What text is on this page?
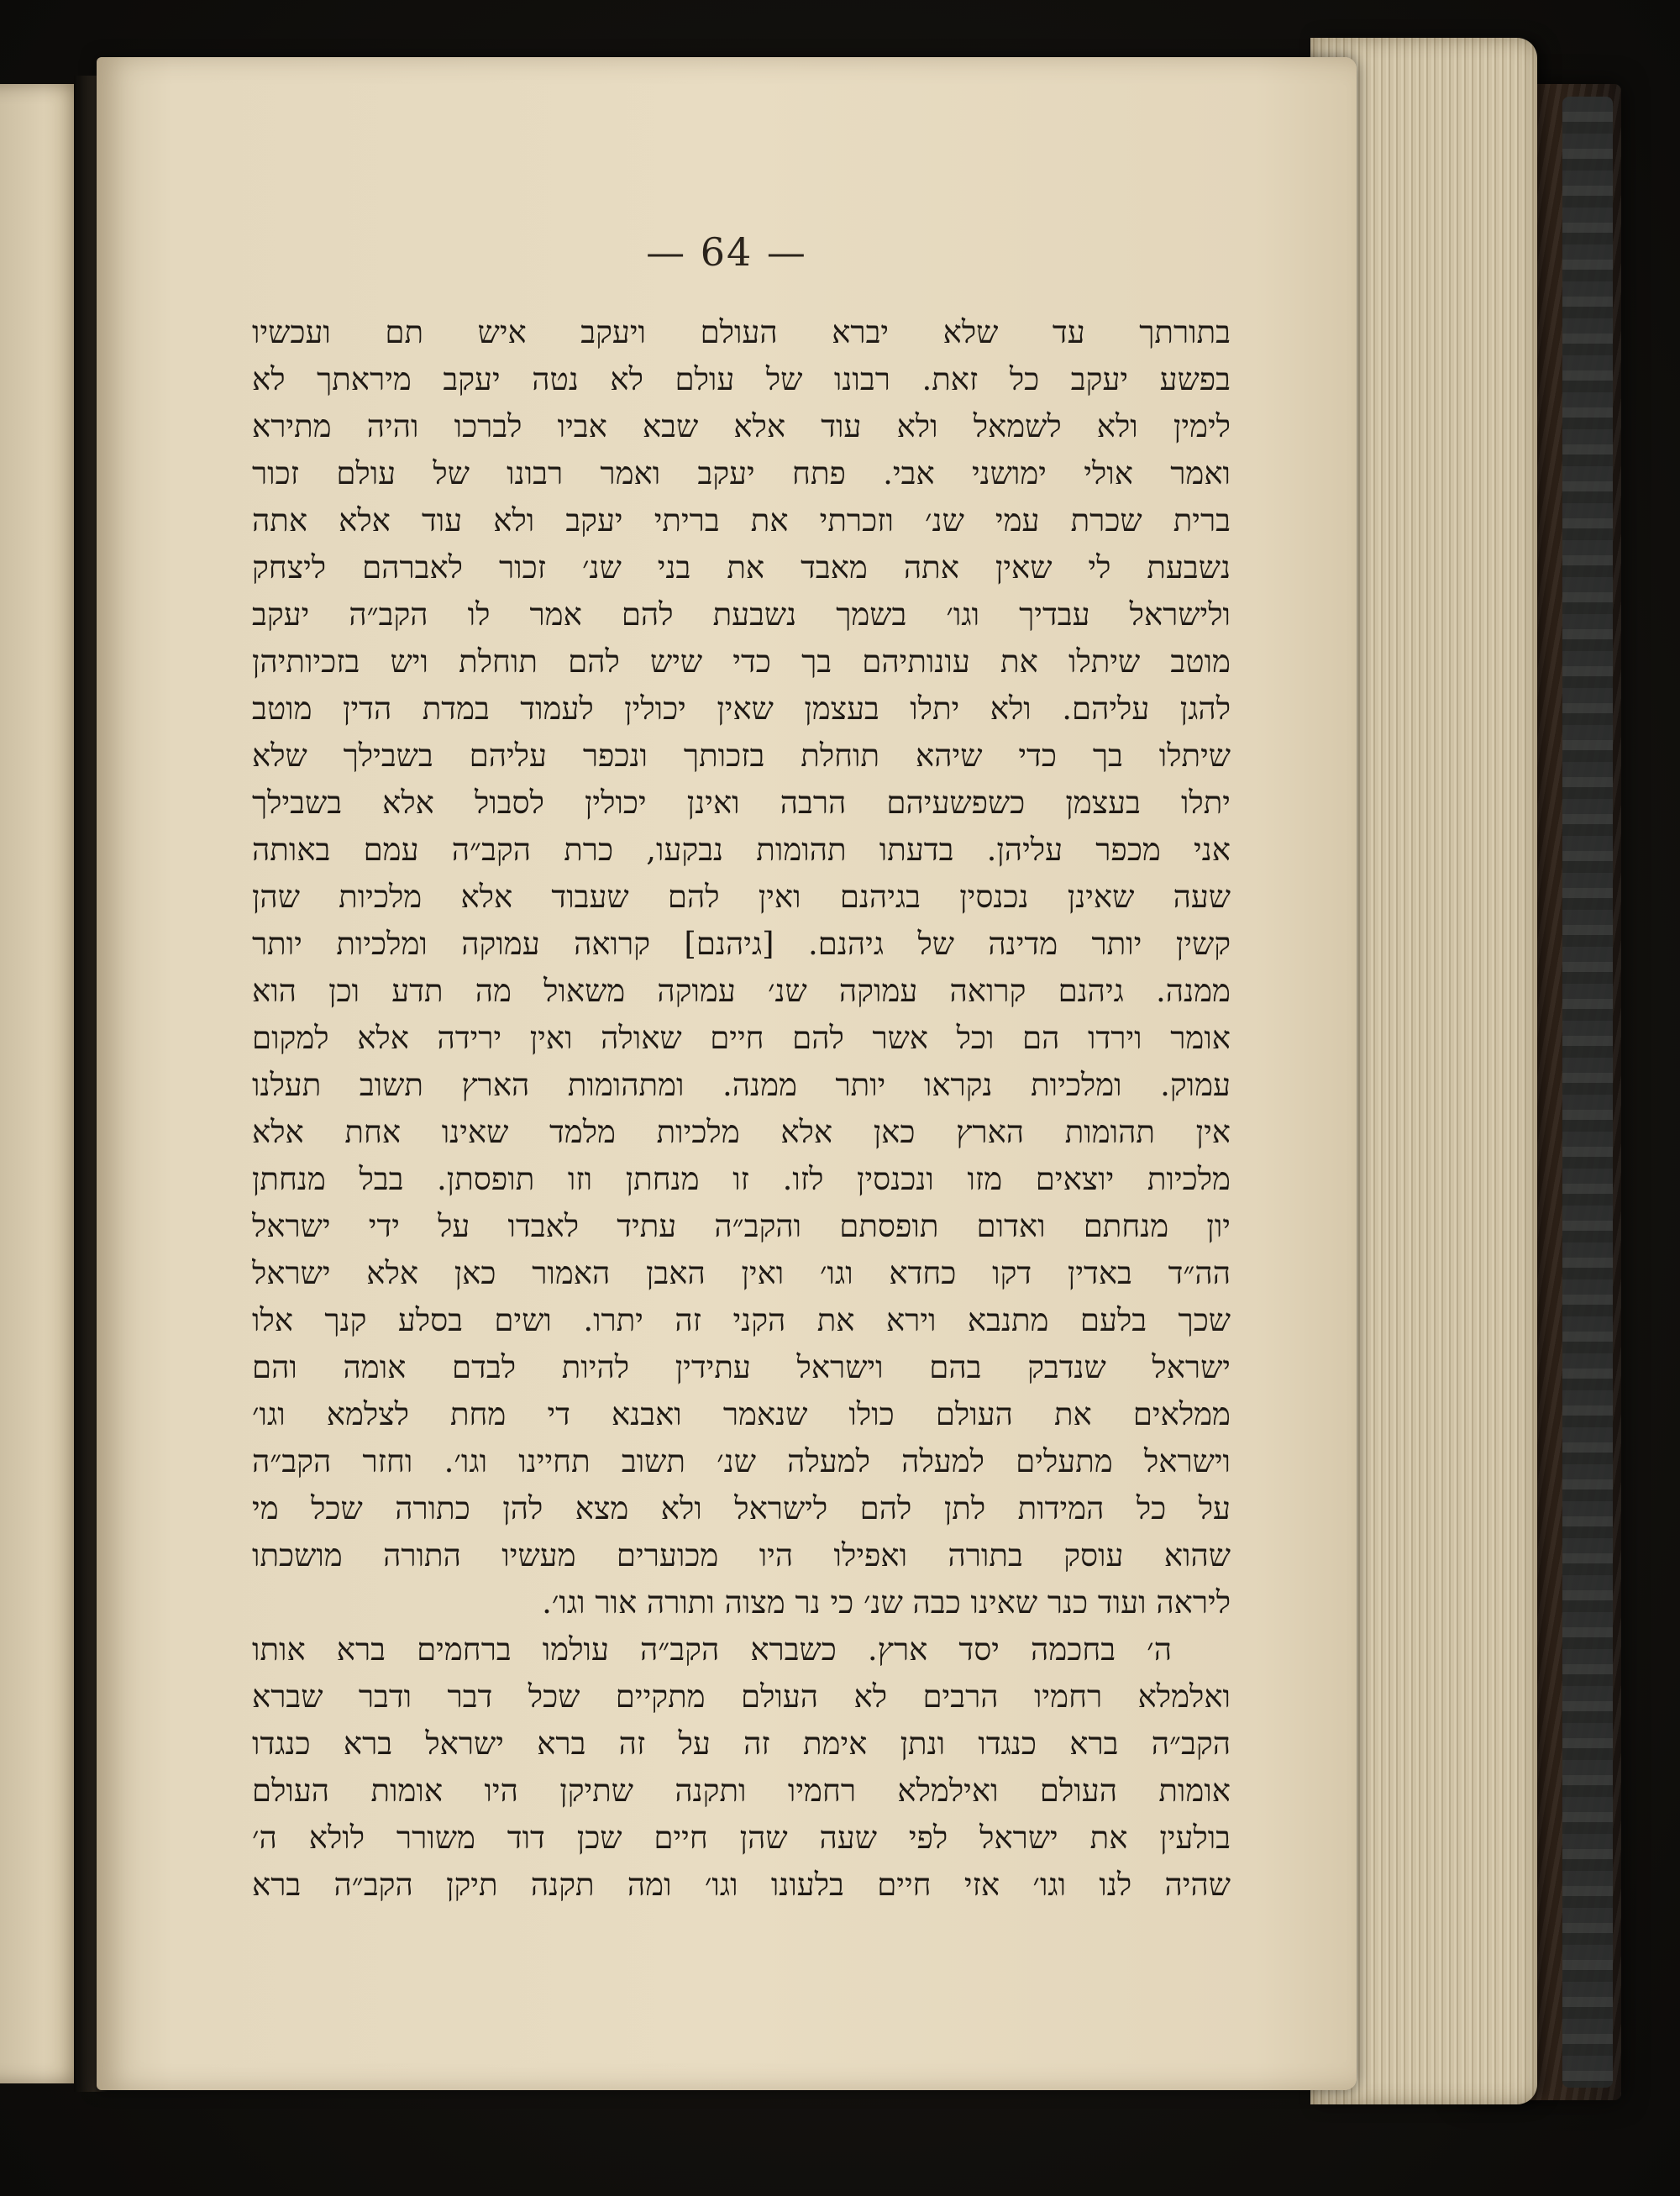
— 64 —
בתורתך עד שלא יברא העולם ויעקב איש תם ועכשיו
בפשע יעקב כל זאת. רבונו של עולם לא נטה יעקב מיראתך לא
לימין ולא לשמאל ולא עוד אלא שבא אביו לברכו והיה מתירא
ואמר אולי ימושני אבי. פתח יעקב ואמר רבונו של עולם זכור
ברית שכרת עמי שנ׳ וזכרתי את בריתי יעקב ולא עוד אלא אתה
נשבעת לי שאין אתה מאבד את בני שנ׳ זכור לאברהם ליצחק
ולישראל עבדיך וגו׳ בשמך נשבעת להם אמר לו הקב״ה יעקב
מוטב שיתלו את עונותיהם בך כדי שיש להם תוחלת ויש בזכיותיהן
להגן עליהם. ולא יתלו בעצמן שאין יכולין לעמוד במדת הדין מוטב
שיתלו בך כדי שיהא תוחלת בזכותך ונכפר עליהם בשבילך שלא
יתלו בעצמן כשפשעיהם הרבה ואינן יכולין לסבול אלא בשבילך
אני מכפר עליהן. בדעתו תהומות נבקעו, כרת הקב״ה עמם באותה
שעה שאינן נכנסין בגיהנם ואין להם שעבוד אלא מלכיות שהן
קשין יותר מדינה של גיהנם. [גיהנם] קרואה עמוקה ומלכיות יותר
ממנה. גיהנם קרואה עמוקה שנ׳ עמוקה משאול מה תדע וכן הוא
אומר וירדו הם וכל אשר להם חיים שאולה ואין ירידה אלא למקום
עמוק. ומלכיות נקראו יותר ממנה. ומתהומות הארץ תשוב תעלנו
אין תהומות הארץ כאן אלא מלכיות מלמד שאינו אחת אלא
מלכיות יוצאים מזו ונכנסין לזו. זו מנחתן וזו תופסתן. בבל מנחתן
יון מנחתם ואדום תופסתם והקב״ה עתיד לאבדו על ידי ישראל
הה״ד באדין דקו כחדא וגו׳ ואין האבן האמור כאן אלא ישראל
שכך בלעם מתנבא וירא את הקני זה יתרו. ושים בסלע קנך אלו
ישראל שנדבק בהם וישראל עתידין להיות לבדם אומה והם
ממלאים את העולם כולו שנאמר ואבנא די מחת לצלמא וגו׳
וישראל מתעלים למעלה למעלה שנ׳ תשוב תחיינו וגו׳. וחזר הקב״ה
על כל המידות לתן להם לישראל ולא מצא להן כתורה שכל מי
שהוא עוסק בתורה ואפילו היו מכוערים מעשיו התורה מושכתו
ליראה ועוד כנר שאינו כבה שנ׳ כי נר מצוה ותורה אור וגו׳.
ה׳ בחכמה יסד ארץ. כשברא הקב״ה עולמו ברחמים ברא אותו
ואלמלא רחמיו הרבים לא העולם מתקיים שכל דבר ודבר שברא
הקב״ה ברא כנגדו ונתן אימת זה על זה ברא ישראל ברא כנגדו
אומות העולם ואילמלא רחמיו ותקנה שתיקן היו אומות העולם
בולעין את ישראל לפי שעה שהן חיים שכן דוד משורר לולא ה׳
שהיה לנו וגו׳ אזי חיים בלעונו וגו׳ ומה תקנה תיקן הקב״ה ברא
